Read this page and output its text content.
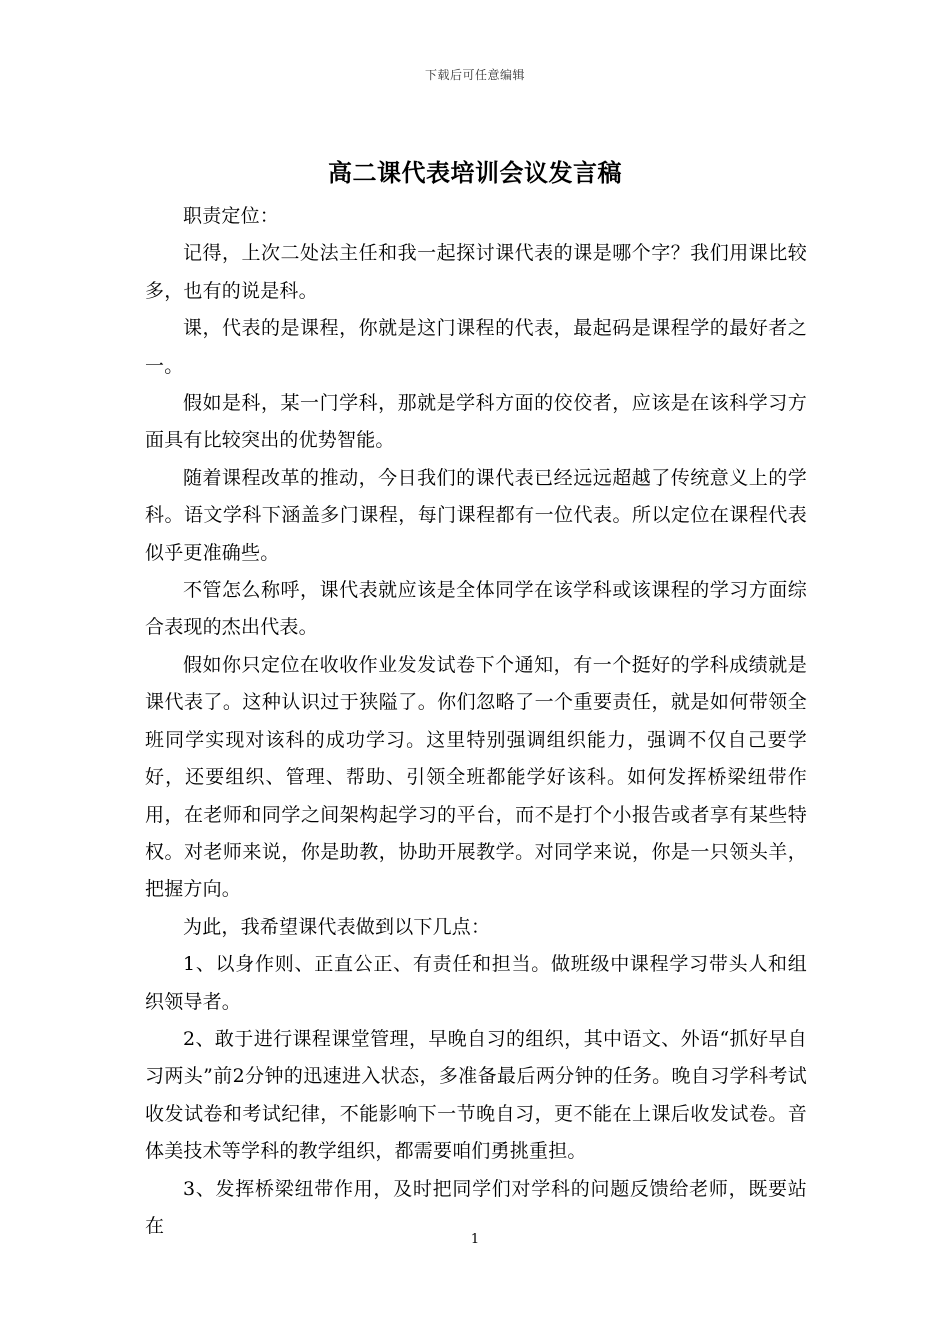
下载后可任意编辑
高二课代表培训会议发言稿

职责定位：

记得，上次二处法主任和我一起探讨课代表的课是哪个字？我们用课比较多，也有的说是科。

课，代表的是课程，你就是这门课程的代表，最起码是课程学的最好者之一。

假如是科，某一门学科，那就是学科方面的佼佼者，应该是在该科学习方面具有比较突出的优势智能。

随着课程改革的推动，今日我们的课代表已经远远超越了传统意义上的学科。语文学科下涵盖多门课程，每门课程都有一位代表。所以定位在课程代表似乎更准确些。

不管怎么称呼，课代表就应该是全体同学在该学科或该课程的学习方面综合表现的杰出代表。

假如你只定位在收收作业发发试卷下个通知，有一个挺好的学科成绩就是课代表了。这种认识过于狭隘了。你们忽略了一个重要责任，就是如何带领全班同学实现对该科的成功学习。这里特别强调组织能力，强调不仅自己要学好，还要组织、管理、帮助、引领全班都能学好该科。如何发挥桥梁纽带作用，在老师和同学之间架构起学习的平台，而不是打个小报告或者享有某些特权。对老师来说，你是助教，协助开展教学。对同学来说，你是一只领头羊，把握方向。

为此，我希望课代表做到以下几点：

1、以身作则、正直公正、有责任和担当。做班级中课程学习带头人和组织领导者。

2、敢于进行课程课堂管理，早晚自习的组织，其中语文、外语“抓好早自习两头”前2分钟的迅速进入状态，多准备最后两分钟的任务。晚自习学科考试收发试卷和考试纪律，不能影响下一节晚自习，更不能在上课后收发试卷。音体美技术等学科的教学组织，都需要咱们勇挑重担。

3、发挥桥梁纽带作用，及时把同学们对学科的问题反馈给老师，既要站在

1
